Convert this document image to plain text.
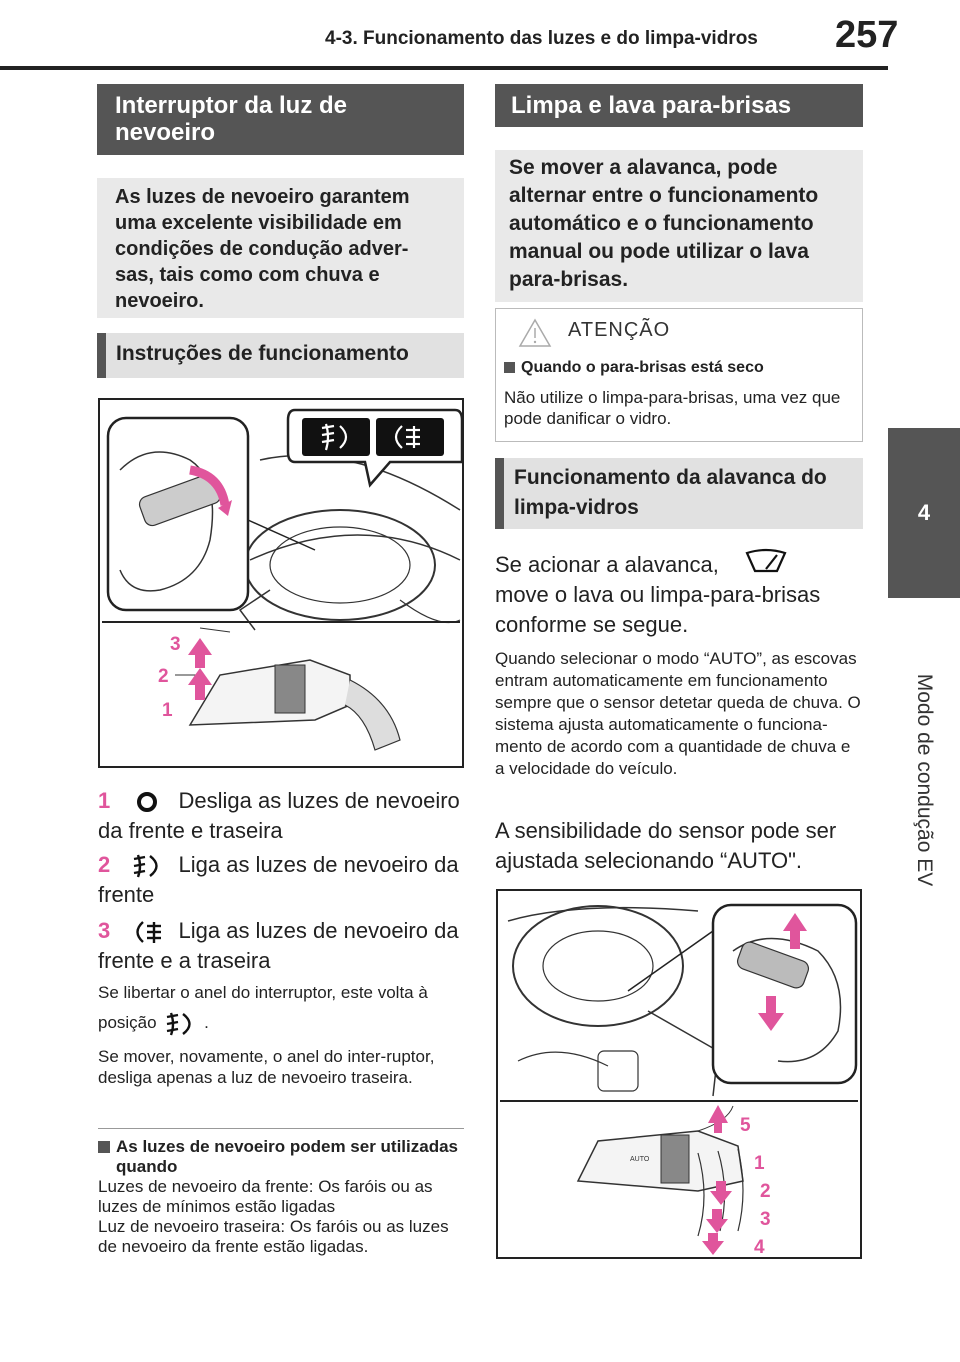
4-3. Funcionamento das luzes e do limpa-vidros 257
4
Modo de condução EV
Interruptor da luz de nevoeiro
As luzes de nevoeiro garantem uma excelente visibilidade em condições de condução adver-sas, tais como com chuva e nevoeiro.
Instruções de funcionamento
3
2
1
1	Desliga as luzes de nevoeiro da frente e traseira
2	Liga as luzes de nevoeiro da frente
3	Liga as luzes de nevoeiro da frente e a traseira
Se libertar o anel do interruptor, este volta à posição	.
Se mover, novamente, o anel do inter-ruptor, desliga apenas a luz de nevoeiro traseira.
As luzes de nevoeiro podem ser utilizadas quando
Luzes de nevoeiro da frente: Os faróis ou as luzes de mínimos estão ligadas
Luz de nevoeiro traseira: Os faróis ou as luzes de nevoeiro da frente estão ligadas.
Limpa e lava para-brisas
Se mover a alavanca, pode alternar entre o funcionamento automático e o funcionamento manual ou pode utilizar o lava para-brisas.
ATENÇÃO
Quando o para-brisas está seco
Não utilize o limpa-para-brisas, uma vez que pode danificar o vidro.
Funcionamento da alavanca do limpa-vidros
Se acionar a alavanca,
move o lava ou limpa-para-brisas conforme se segue.
Quando selecionar o modo “AUTO”, as escovas entram automaticamente em funcionamento sempre que o sensor detetar queda de chuva. O sistema ajusta automaticamente o funciona-mento de acordo com a quantidade de chuva e a velocidade do veículo.
A sensibilidade do sensor pode ser ajustada selecionando “AUTO".
AUTO
5
1
2
3
4
